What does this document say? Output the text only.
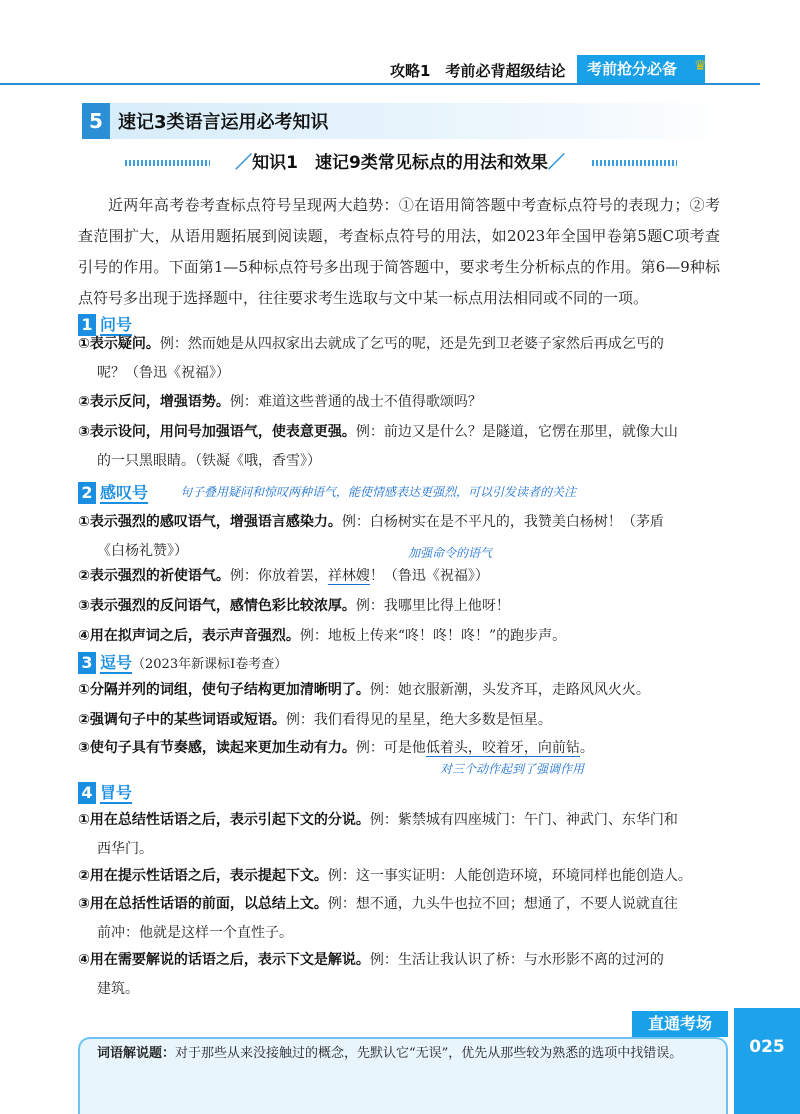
攻略1　考前必背超级结论	考前抢分必备	♛
5 速记3类语言运用必考知识
／知识1　速记9类常见标点的用法和效果／
近两年高考卷考查标点符号呈现两大趋势：①在语用简答题中考查标点符号的表现力；②考查范围扩大，从语用题拓展到阅读题，考查标点符号的用法，如2023年全国甲卷第5题C项考查引号的作用。下面第1—5种标点符号多出现于简答题中，要求考生分析标点的作用。第6—9种标点符号多出现于选择题中，往往要求考生选取与文中某一标点用法相同或不同的一项。
1 问号
①表示疑问。例：然而她是从四叔家出去就成了乞丐的呢，还是先到卫老婆子家然后再成乞丐的
呢？（鲁迅《祝福》）
②表示反问，增强语势。例：难道这些普通的战士不值得歌颂吗？
③表示设问，用问号加强语气，使表意更强。例：前边又是什么？是隧道，它愣在那里，就像大山
的一只黑眼睛。（铁凝《哦，香雪》）
2 感叹号	句子叠用疑问和惊叹两种语气，能使情感表达更强烈，可以引发读者的关注
①表示强烈的感叹语气，增强语言感染力。例：白杨树实在是不平凡的，我赞美白杨树！（茅盾
《白杨礼赞》）	加强命令的语气
②表示强烈的祈使语气。例：你放着罢，祥林嫂！（鲁迅《祝福》）
③表示强烈的反问语气，感情色彩比较浓厚。例：我哪里比得上他呀！
④用在拟声词之后，表示声音强烈。例：地板上传来“咚！咚！咚！”的跑步声。
3 逗号（2023年新课标Ⅰ卷考查）
①分隔并列的词组，使句子结构更加清晰明了。例：她衣服新潮，头发齐耳，走路风风火火。
②强调句子中的某些词语或短语。例：我们看得见的星星，绝大多数是恒星。
③使句子具有节奏感，读起来更加生动有力。例：可是他低着头，咬着牙，向前钻。
对三个动作起到了强调作用
4 冒号
①用在总结性话语之后，表示引起下文的分说。例：紫禁城有四座城门：午门、神武门、东华门和
西华门。
②用在提示性话语之后，表示提起下文。例：这一事实证明：人能创造环境，环境同样也能创造人。
③用在总括性话语的前面，以总结上文。例：想不通，九头牛也拉不回；想通了，不要人说就直往
前冲：他就是这样一个直性子。
④用在需要解说的话语之后，表示下文是解说。例：生活让我认识了桥：与水形影不离的过河的
建筑。
直通考场
词语解说题：对于那些从来没接触过的概念，先默认它“无误”，优先从那些较为熟悉的选项中找错误。	025
